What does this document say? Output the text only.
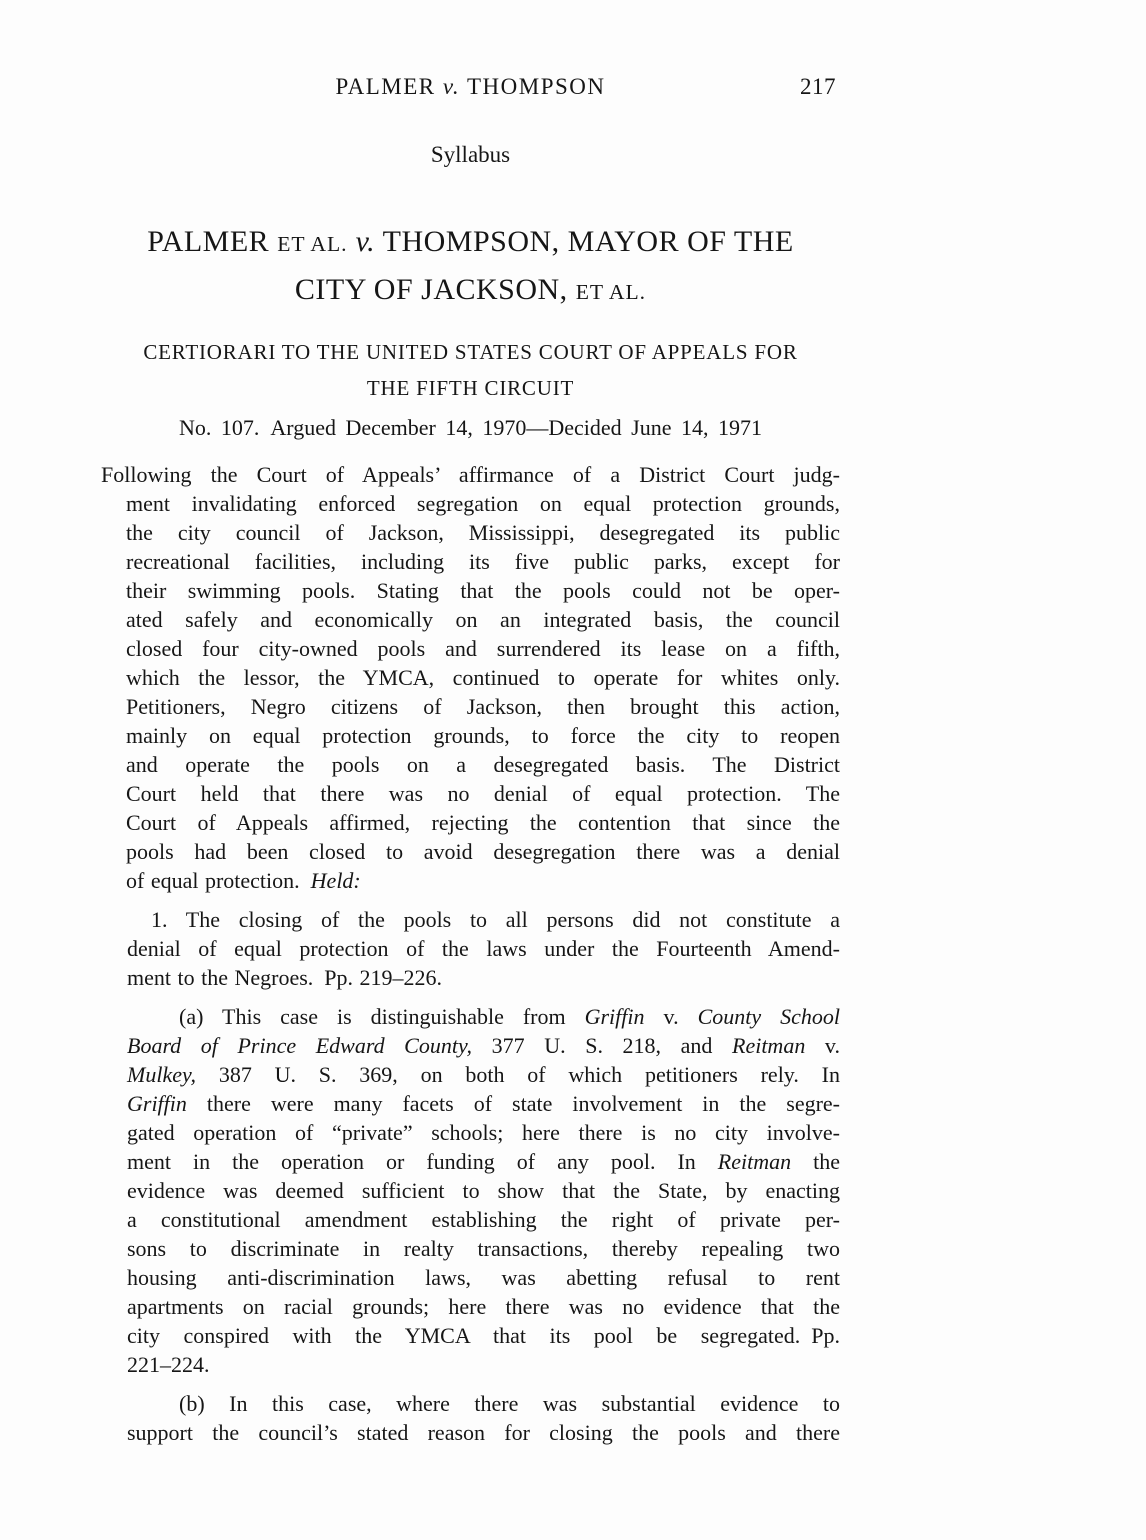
PALMER v. THOMPSON	217
Syllabus
PALMER ET AL. v. THOMPSON, MAYOR OF THE
CITY OF JACKSON, ET AL.
CERTIORARI TO THE UNITED STATES COURT OF APPEALS FOR
THE FIFTH CIRCUIT
No. 107. Argued December 14, 1970—Decided June 14, 1971
Following the Court of Appeals’ affirmance of a District Court judg-
ment invalidating enforced segregation on equal protection grounds,
the city council of Jackson, Mississippi, desegregated its public
recreational facilities, including its five public parks, except for
their swimming pools. Stating that the pools could not be oper-
ated safely and economically on an integrated basis, the council
closed four city-owned pools and surrendered its lease on a fifth,
which the lessor, the YMCA, continued to operate for whites only.
Petitioners, Negro citizens of Jackson, then brought this action,
mainly on equal protection grounds, to force the city to reopen
and operate the pools on a desegregated basis. The District
Court held that there was no denial of equal protection. The
Court of Appeals affirmed, rejecting the contention that since the
pools had been closed to avoid desegregation there was a denial
of equal protection. Held:
1. The closing of the pools to all persons did not constitute a
denial of equal protection of the laws under the Fourteenth Amend-
ment to the Negroes. Pp. 219–226.
(a) This case is distinguishable from Griffin v. County School
Board of Prince Edward County, 377 U. S. 218, and Reitman v.
Mulkey, 387 U. S. 369, on both of which petitioners rely. In
Griffin there were many facets of state involvement in the segre-
gated operation of “private” schools; here there is no city involve-
ment in the operation or funding of any pool. In Reitman the
evidence was deemed sufficient to show that the State, by enacting
a constitutional amendment establishing the right of private per-
sons to discriminate in realty transactions, thereby repealing two
housing anti-discrimination laws, was abetting refusal to rent
apartments on racial grounds; here there was no evidence that the
city conspired with the YMCA that its pool be segregated. Pp.
221–224.
(b) In this case, where there was substantial evidence to
support the council’s stated reason for closing the pools and there
